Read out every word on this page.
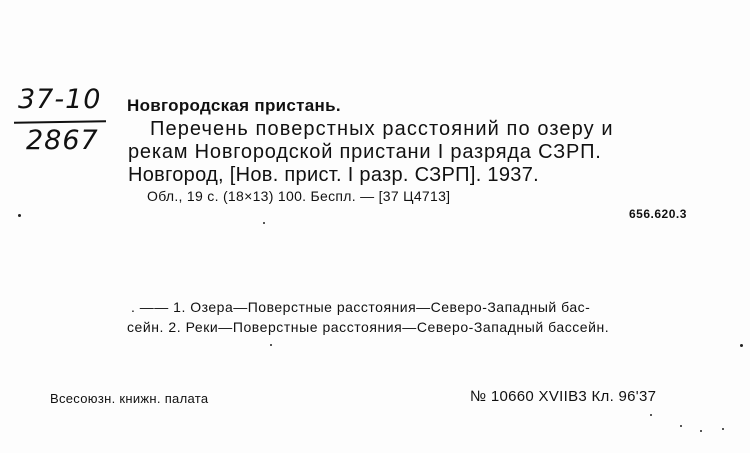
37-10
2867
Новгородская пристань.
Перечень поверстных расстояний по озеру и
рекам Новгородской пристани I разряда СЗРП.
Новгород, [Нов. прист. I разр. СЗРП]. 1937.
Обл., 19 с. (18×13) 100. Беспл. — [37 Ц4713]
656.620.3
. —— 1. Озера—Поверстные расстояния—Северо-Западный бас-
сейн. 2. Реки—Поверстные расстояния—Северо-Западный бассейн.
Всесоюзн. книжн. палата	№ 10660 XVIIB3 Кл. 96'37
